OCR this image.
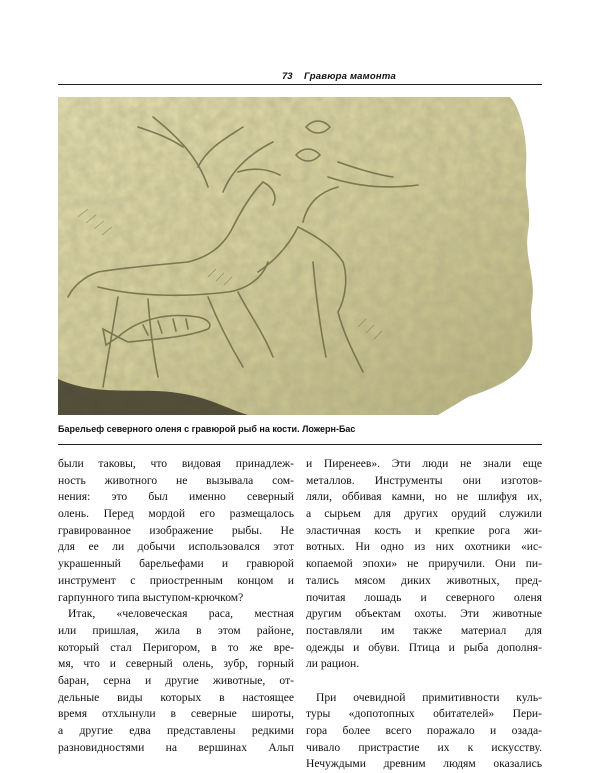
73 Гравюра мамонта
Барельеф северного оленя с гравюрой рыб на кости. Ложерн-Бас
были таковы, что видовая принадлеж-
ность животного не вызывала сом-
нения: это был именно северный
олень. Перед мордой его размещалось
гравированное изображение рыбы. Не
для ее ли добычи использовался этот
украшенный барельефами и гравюрой
инструмент с приостренным концом и
гарпунного типа выступом-крючком?
Итак, «человеческая раса, местная
или пришлая, жила в этом районе,
который стал Перигором, в то же вре-
мя, что и северный олень, зубр, горный
баран, серна и другие животные, от-
дельные виды которых в настоящее
время отхлынули в северные широты,
а другие едва представлены редкими
разновидностями на вершинах Альп
и Пиренеев». Эти люди не знали еще
металлов. Инструменты они изготов-
ляли, оббивая камни, но не шлифуя их,
а сырьем для других орудий служили
эластичная кость и крепкие рога жи-
вотных. Ни одно из них охотники «ис-
копаемой эпохи» не приручили. Они пи-
тались мясом диких животных, пред-
почитая лошадь и северного оленя
другим объектам охоты. Эти животные
поставляли им также материал для
одежды и обуви. Птица и рыба дополня-
ли рацион.
При очевидной примитивности куль-
туры «допотопных обитателей» Пери-
гора более всего поражало и озада-
чивало пристрастие их к искусству.
Нечуждыми древним людям оказались
